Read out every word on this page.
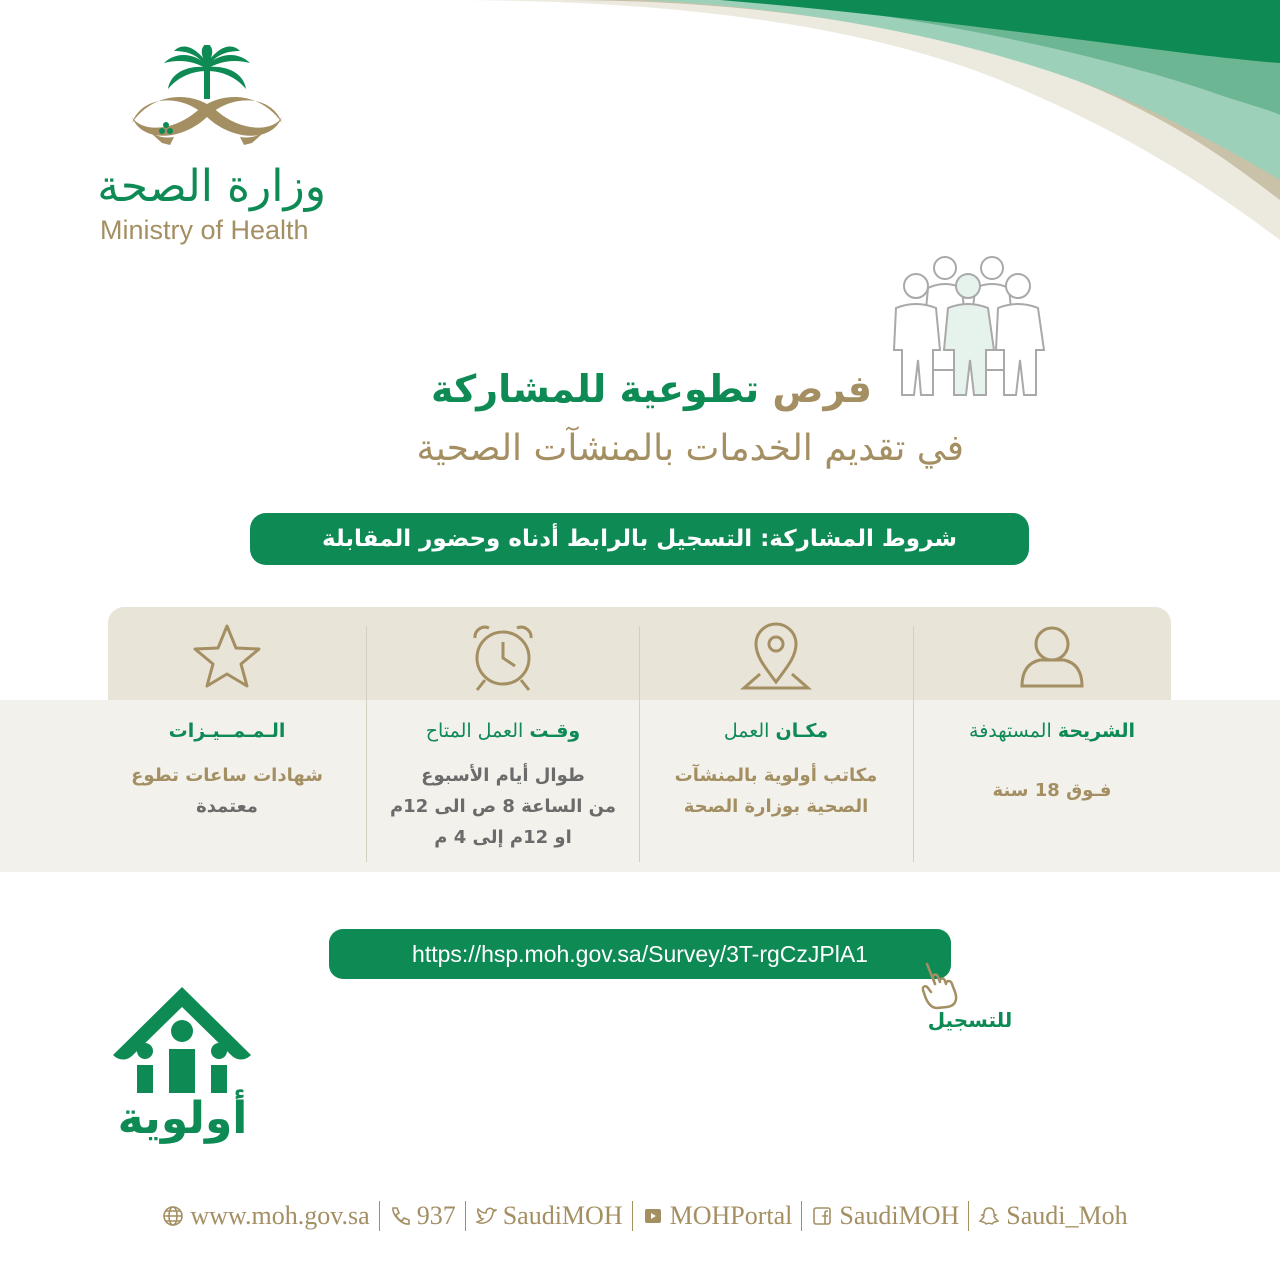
وزارة الصحة
Ministry of Health
فرص تطوعية للمشاركة
في تقديم الخدمات بالمنشآت الصحية
شروط المشاركة: التسجيل بالرابط أدناه وحضور المقابلة
الشريحة المستهدفة
فـوق 18 سنة
مكـان العمل
مكاتب أولوية بالمنشآت
الصحية بوزارة الصحة
وقـت العمل المتاح
طوال أيام الأسبوع
من الساعة 8 ص الى 12م
او 12م إلى 4 م
الـمـمــيـزات
شهادات ساعات تطوع
معتمدة
https://hsp.moh.gov.sa/Survey/3T-rgCzJPlA1
للتسجيل
أولوية
www.moh.gov.sa 937 SaudiMOH MOHPortal SaudiMOH Saudi_Moh
